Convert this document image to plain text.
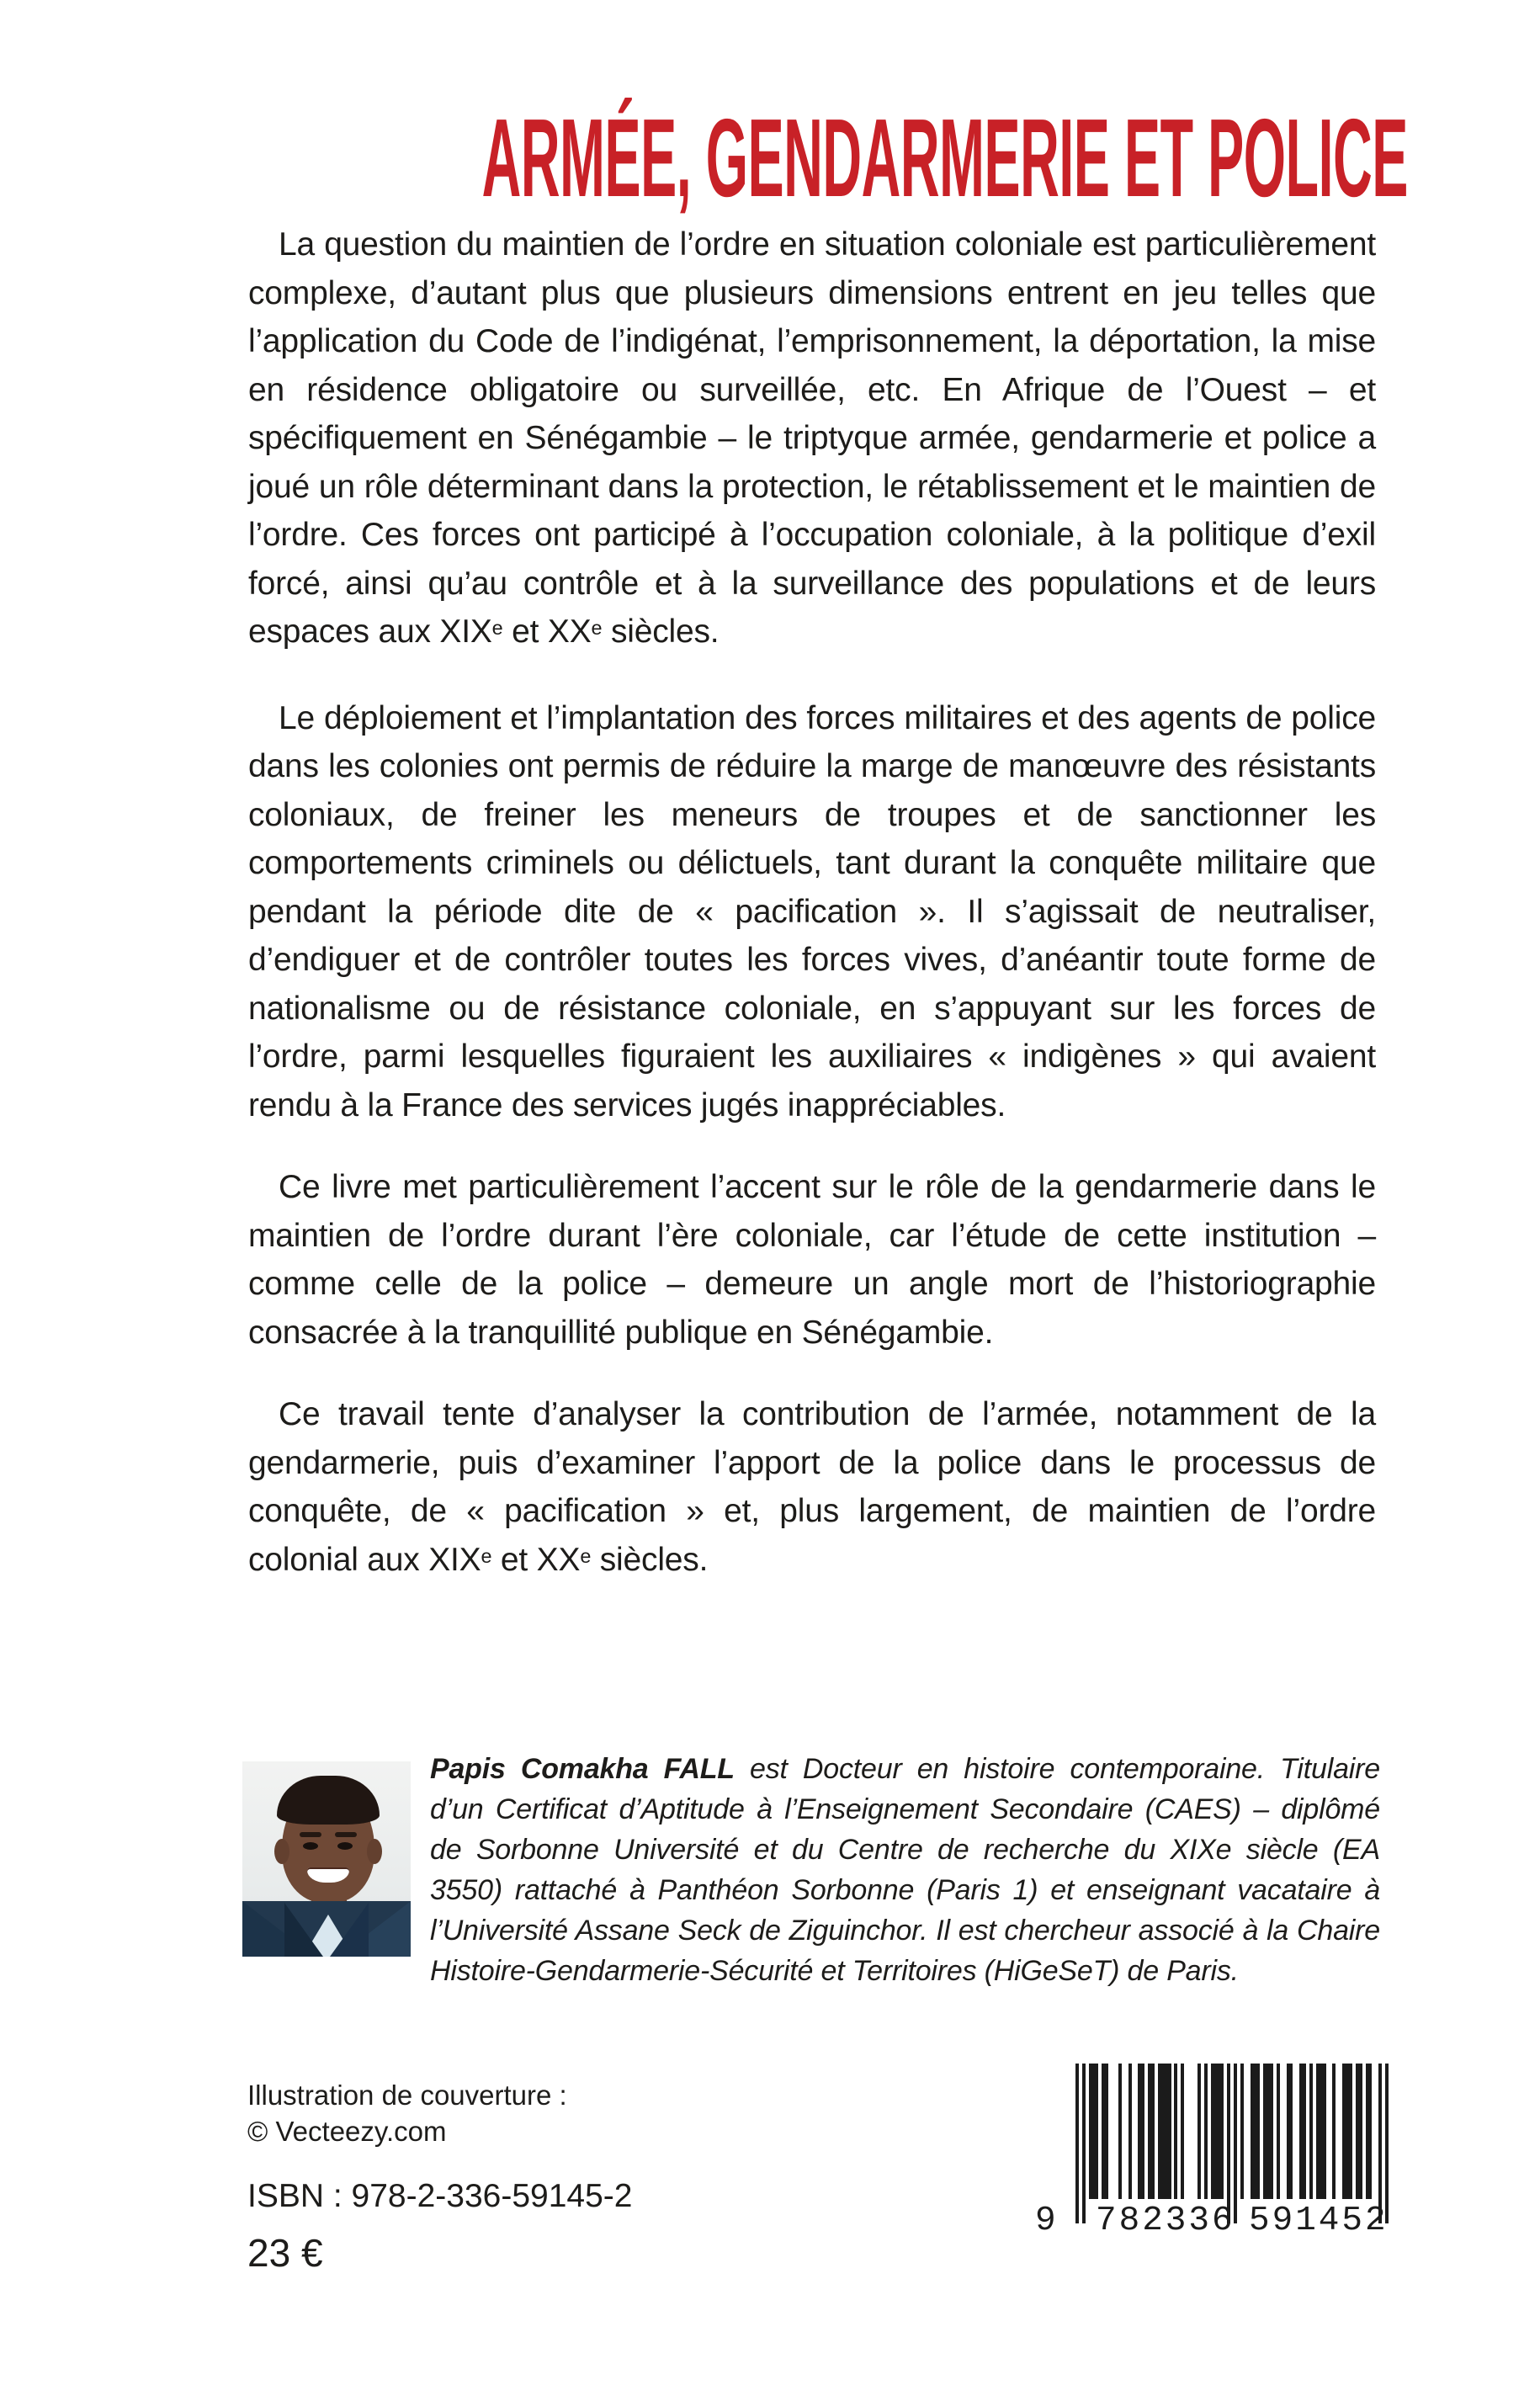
ARMÉE, GENDARMERIE ET POLICE

La question du maintien de l’ordre en situation coloniale est particulièrement complexe, d’autant plus que plusieurs dimensions entrent en jeu telles que l’application du Code de l’indigénat, l’emprisonnement, la déportation, la mise en résidence obligatoire ou surveillée, etc. En Afrique de l’Ouest – et spécifiquement en Sénégambie – le triptyque armée, gendarmerie et police a joué un rôle déterminant dans la protection, le rétablissement et le maintien de l’ordre. Ces forces ont participé à l’occupation coloniale, à la politique d’exil forcé, ainsi qu’au contrôle et à la surveillance des populations et de leurs espaces aux XIXe et XXe siècles.

Le déploiement et l’implantation des forces militaires et des agents de police dans les colonies ont permis de réduire la marge de manœuvre des résistants coloniaux, de freiner les meneurs de troupes et de sanctionner les comportements criminels ou délictuels, tant durant la conquête militaire que pendant la période dite de « pacification ». Il s’agissait de neutraliser, d’endiguer et de contrôler toutes les forces vives, d’anéantir toute forme de nationalisme ou de résistance coloniale, en s’appuyant sur les forces de l’ordre, parmi lesquelles figuraient les auxiliaires « indigènes » qui avaient rendu à la France des services jugés inappréciables.

Ce livre met particulièrement l’accent sur le rôle de la gendarmerie dans le maintien de l’ordre durant l’ère coloniale, car l’étude de cette institution – comme celle de la police – demeure un angle mort de l’historiographie consacrée à la tranquillité publique en Sénégambie.

Ce travail tente d’analyser la contribution de l’armée, notamment de la gendarmerie, puis d’examiner l’apport de la police dans le processus de conquête, de « pacification » et, plus largement, de maintien de l’ordre colonial aux XIXe et XXe siècles.

Papis Comakha FALL est Docteur en histoire contemporaine. Titulaire d’un Certificat d’Aptitude à l’Enseignement Secondaire (CAES) – diplômé de Sorbonne Université et du Centre de recherche du XIXe siècle (EA 3550) rattaché à Panthéon Sorbonne (Paris 1) et enseignant vacataire à l’Université Assane Seck de Ziguinchor. Il est chercheur associé à la Chaire Histoire-Gendarmerie-Sécurité et Territoires (HiGeSeT) de Paris.

Illustration de couverture :
© Vecteezy.com
ISBN : 978-2-336-59145-2
23 €
9 782336 591452
